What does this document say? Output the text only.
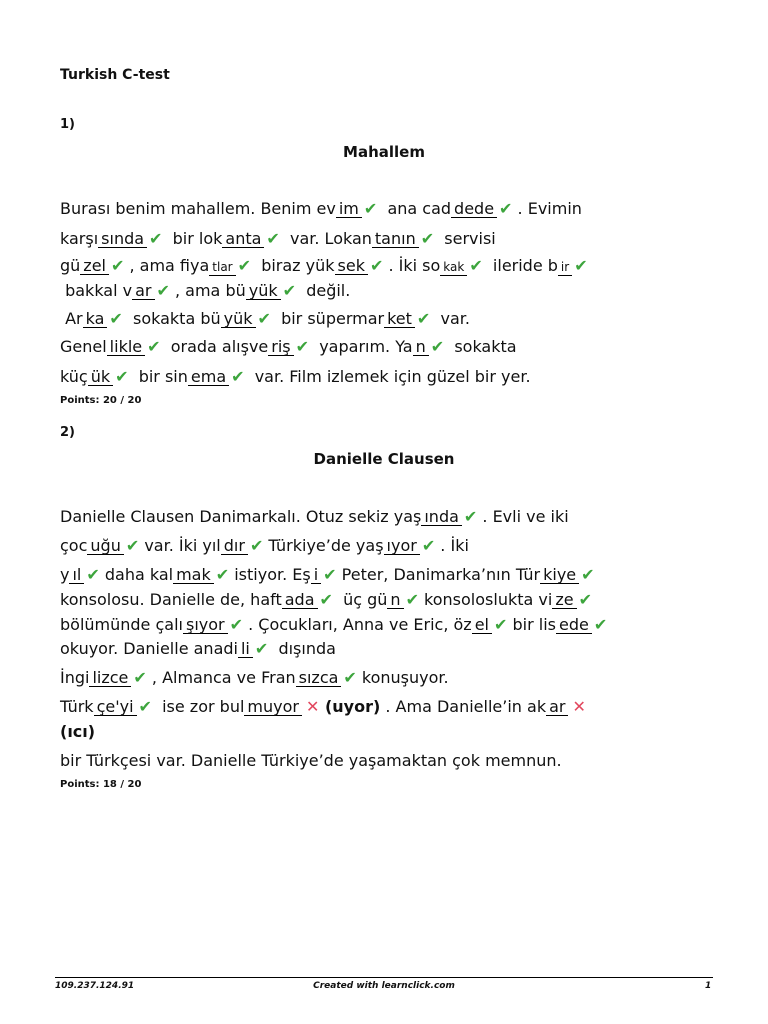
Turkish C-test
1)
Mahallem
Burası benim mahallem. Benim ev im ✔  ana cad dede ✔ . Evimin
karşı sında ✔  bir lok anta ✔  var. Lokan tanın ✔  servisi
gü zel ✔ , ama fiya tlar ✔  biraz yük sek ✔ . İki so kak ✔  ileride b ir ✔
bakkal v ar ✔ , ama bü yük ✔  değil.
Ar ka ✔  sokakta bü yük ✔  bir süpermar ket ✔  var.
Genel likle ✔  orada alışve riş ✔  yaparım. Ya n ✔  sokakta
küç ük ✔  bir sin ema ✔  var. Film izlemek için güzel bir yer.
Points: 20 / 20
2)
Danielle Clausen
Danielle Clausen Danimarkalı. Otuz sekiz yaş ında ✔ . Evli ve iki
çoc uğu ✔ var. İki yıl dır ✔ Türkiye’de yaş ıyor ✔ . İki
y ıl ✔ daha kal mak ✔ istiyor. Eş i ✔ Peter, Danimarka’nın Tür kiye ✔
konsolosu. Danielle de, haft ada ✔  üç gü n ✔ konsoloslukta vi ze ✔
bölümünde çalı şıyor ✔ . Çocukları, Anna ve Eric, öz el ✔ bir lis ede ✔
okuyor. Danielle anadi li ✔  dışında
İngi lizce ✔ , Almanca ve Fran sızca ✔ konuşuyor.
Türk çe'yi ✔  ise zor bul muyor ✕ (uyor) . Ama Danielle’in ak ar ✕
(ıcı)
bir Türkçesi var. Danielle Türkiye’de yaşamaktan çok memnun.
Points: 18 / 20
109.237.124.91	Created with learnclick.com	1
